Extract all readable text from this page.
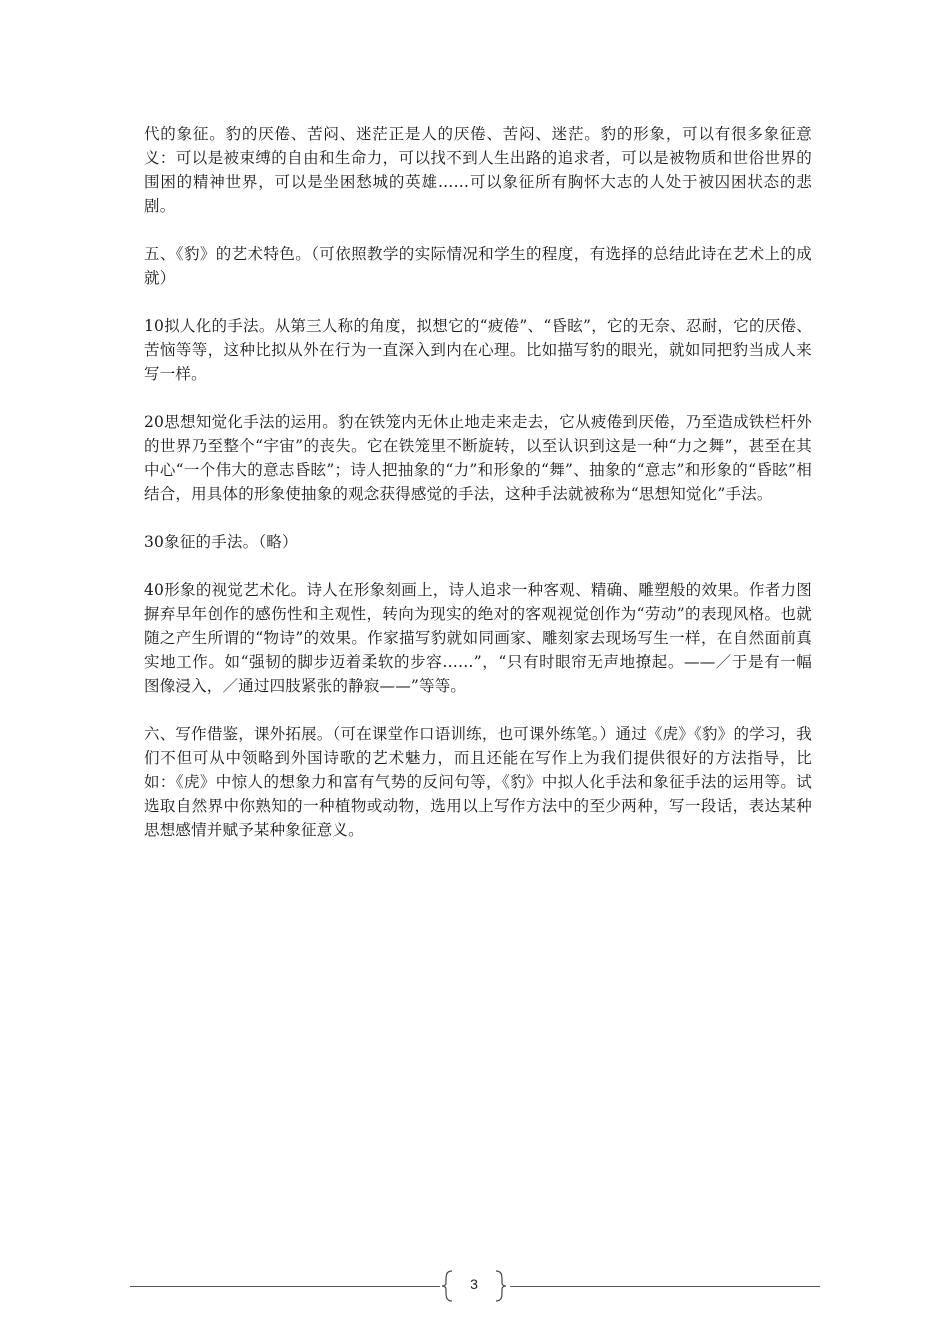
代的象征。豹的厌倦、苦闷、迷茫正是人的厌倦、苦闷、迷茫。豹的形象，可以有很多象征意义：可以是被束缚的自由和生命力，可以找不到人生出路的追求者，可以是被物质和世俗世界的围困的精神世界，可以是坐困愁城的英雄……可以象征所有胸怀大志的人处于被囚困状态的悲剧。

五、《豹》的艺术特色。（可依照教学的实际情况和学生的程度，有选择的总结此诗在艺术上的成就）

10拟人化的手法。从第三人称的角度，拟想它的“疲倦”、“昏眩”，它的无奈、忍耐，它的厌倦、苦恼等等，这种比拟从外在行为一直深入到内在心理。比如描写豹的眼光，就如同把豹当成人来写一样。

20思想知觉化手法的运用。豹在铁笼内无休止地走来走去，它从疲倦到厌倦，乃至造成铁栏杆外的世界乃至整个“宇宙”的丧失。它在铁笼里不断旋转，以至认识到这是一种“力之舞”，甚至在其中心“一个伟大的意志昏眩”；诗人把抽象的“力”和形象的“舞”、抽象的“意志”和形象的“昏眩”相结合，用具体的形象使抽象的观念获得感觉的手法，这种手法就被称为“思想知觉化”手法。

30象征的手法。（略）

40形象的视觉艺术化。诗人在形象刻画上，诗人追求一种客观、精确、雕塑般的效果。作者力图摒弃早年创作的感伤性和主观性，转向为现实的绝对的客观视觉创作为“劳动”的表现风格。也就随之产生所谓的“物诗”的效果。作家描写豹就如同画家、雕刻家去现场写生一样，在自然面前真实地工作。如“强韧的脚步迈着柔软的步容……”，“只有时眼帘无声地撩起。——／于是有一幅图像浸入，／通过四肢紧张的静寂——”等等。

六、写作借鉴，课外拓展。（可在课堂作口语训练，也可课外练笔。）通过《虎》《豹》的学习，我们不但可从中领略到外国诗歌的艺术魅力，而且还能在写作上为我们提供很好的方法指导，比如：《虎》中惊人的想象力和富有气势的反问句等，《豹》中拟人化手法和象征手法的运用等。试选取自然界中你熟知的一种植物或动物，选用以上写作方法中的至少两种，写一段话，表达某种思想感情并赋予某种象征意义。

3
